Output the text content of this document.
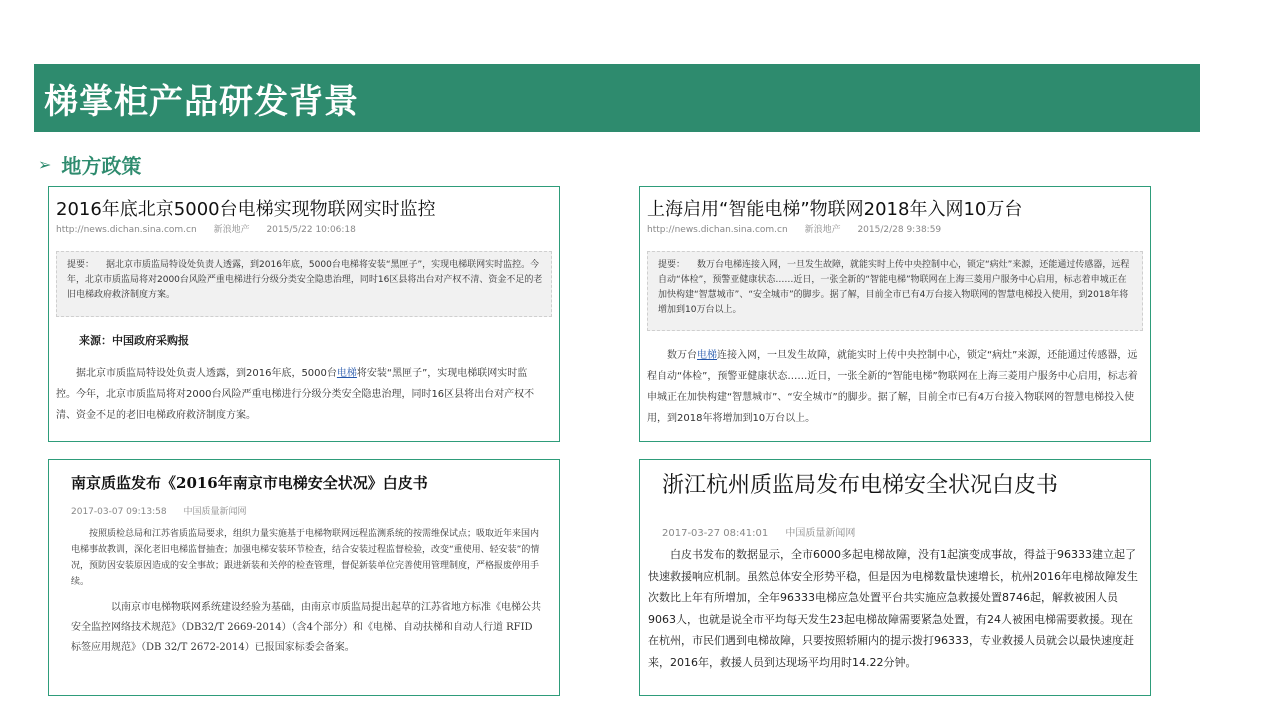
梯掌柜产品研发背景
➢ 地方政策
2016年底北京5000台电梯实现物联网实时监控
http://news.dichan.sina.com.cn 新浪地产 2015/5/22 10:06:18
提要： 据北京市质监局特设处负责人透露，到2016年底，5000台电梯将安装“黑匣子”，实现电梯联网实时监控。今年，北京市质监局将对2000台风险严重电梯进行分级分类安全隐患治理，同时16区县将出台对产权不清、资金不足的老旧电梯政府救济制度方案。
来源：中国政府采购报
据北京市质监局特设处负责人透露，到2016年底，5000台电梯将安装“黑匣子”，实现电梯联网实时监控。今年，北京市质监局将对2000台风险严重电梯进行分级分类安全隐患治理，同时16区县将出台对产权不清、资金不足的老旧电梯政府救济制度方案。
上海启用“智能电梯”物联网2018年入网10万台
http://news.dichan.sina.com.cn 新浪地产 2015/2/28 9:38:59
提要： 数万台电梯连接入网，一旦发生故障，就能实时上传中央控制中心，锁定“病灶”来源，还能通过传感器，远程自动“体检”，预警亚健康状态……近日，一张全新的“智能电梯”物联网在上海三菱用户服务中心启用，标志着申城正在加快构建“智慧城市”、“安全城市”的脚步。据了解，目前全市已有4万台接入物联网的智慧电梯投入使用，到2018年将增加到10万台以上。
数万台电梯连接入网，一旦发生故障，就能实时上传中央控制中心，锁定“病灶”来源，还能通过传感器，远程自动“体检”，预警亚健康状态……近日，一张全新的“智能电梯”物联网在上海三菱用户服务中心启用，标志着申城正在加快构建“智慧城市”、“安全城市”的脚步。据了解，目前全市已有4万台接入物联网的智慧电梯投入使用，到2018年将增加到10万台以上。
南京质监发布《2016年南京市电梯安全状况》白皮书
2017-03-07 09:13:58 中国质量新闻网
按照质检总局和江苏省质监局要求，组织力量实施基于电梯物联网远程监测系统的按需维保试点；吸取近年来国内电梯事故教训，深化老旧电梯监督抽查；加强电梯安装环节检查，结合安装过程监督检验，改变“重使用、轻安装”的情况，预防因安装原因造成的安全事故；跟进新装和关停的检查管理，督促新装单位完善使用管理制度，严格报废停用手续。
以南京市电梯物联网系统建设经验为基础，由南京市质监局提出起草的江苏省地方标准《电梯公共安全监控网络技术规范》（DB32/T 2669-2014）（含4个部分）和《电梯、自动扶梯和自动人行道 RFID 标签应用规范》（DB 32/T 2672-2014）已报国家标委会备案。
浙江杭州质监局发布电梯安全状况白皮书
2017-03-27 08:41:01 中国质量新闻网
白皮书发布的数据显示，全市6000多起电梯故障，没有1起演变成事故，得益于96333建立起了快速救援响应机制。虽然总体安全形势平稳，但是因为电梯数量快速增长，杭州2016年电梯故障发生次数比上年有所增加，全年96333电梯应急处置平台共实施应急救援处置8746起，解救被困人员9063人，也就是说全市平均每天发生23起电梯故障需要紧急处置，有24人被困电梯需要救援。现在在杭州，市民们遇到电梯故障，只要按照轿厢内的提示拨打96333，专业救援人员就会以最快速度赶来，2016年，救援人员到达现场平均用时14.22分钟。
